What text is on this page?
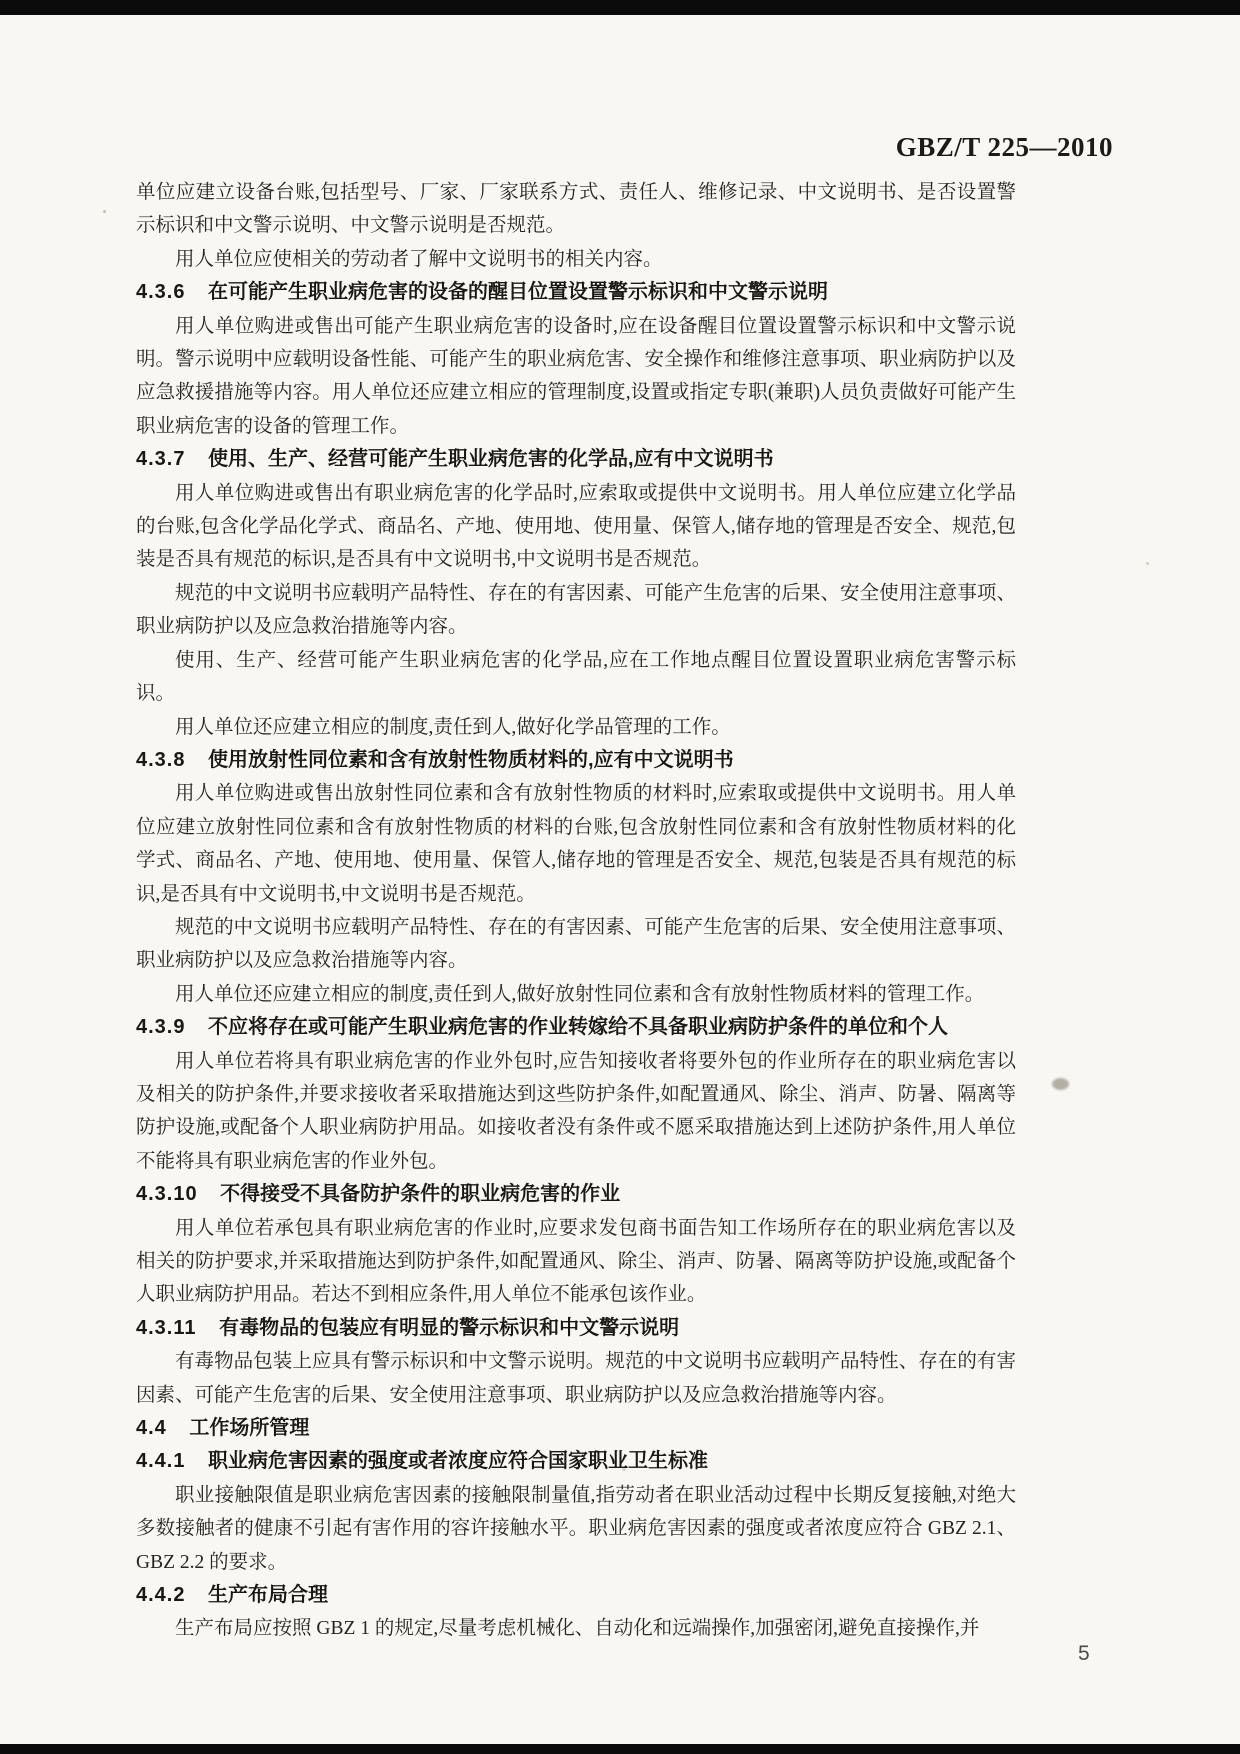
GBZ/T 225—2010

单位应建立设备台账,包括型号、厂家、厂家联系方式、责任人、维修记录、中文说明书、是否设置警示标识和中文警示说明、中文警示说明是否规范。

用人单位应使相关的劳动者了解中文说明书的相关内容。

4.3.6 在可能产生职业病危害的设备的醒目位置设置警示标识和中文警示说明

用人单位购进或售出可能产生职业病危害的设备时,应在设备醒目位置设置警示标识和中文警示说明。警示说明中应载明设备性能、可能产生的职业病危害、安全操作和维修注意事项、职业病防护以及应急救援措施等内容。用人单位还应建立相应的管理制度,设置或指定专职(兼职)人员负责做好可能产生职业病危害的设备的管理工作。

4.3.7 使用、生产、经营可能产生职业病危害的化学品,应有中文说明书

用人单位购进或售出有职业病危害的化学品时,应索取或提供中文说明书。用人单位应建立化学品的台账,包含化学品化学式、商品名、产地、使用地、使用量、保管人,储存地的管理是否安全、规范,包装是否具有规范的标识,是否具有中文说明书,中文说明书是否规范。

规范的中文说明书应载明产品特性、存在的有害因素、可能产生危害的后果、安全使用注意事项、职业病防护以及应急救治措施等内容。

使用、生产、经营可能产生职业病危害的化学品,应在工作地点醒目位置设置职业病危害警示标识。

用人单位还应建立相应的制度,责任到人,做好化学品管理的工作。

4.3.8 使用放射性同位素和含有放射性物质材料的,应有中文说明书

用人单位购进或售出放射性同位素和含有放射性物质的材料时,应索取或提供中文说明书。用人单位应建立放射性同位素和含有放射性物质的材料的台账,包含放射性同位素和含有放射性物质材料的化学式、商品名、产地、使用地、使用量、保管人,储存地的管理是否安全、规范,包装是否具有规范的标识,是否具有中文说明书,中文说明书是否规范。

规范的中文说明书应载明产品特性、存在的有害因素、可能产生危害的后果、安全使用注意事项、职业病防护以及应急救治措施等内容。

用人单位还应建立相应的制度,责任到人,做好放射性同位素和含有放射性物质材料的管理工作。

4.3.9 不应将存在或可能产生职业病危害的作业转嫁给不具备职业病防护条件的单位和个人

用人单位若将具有职业病危害的作业外包时,应告知接收者将要外包的作业所存在的职业病危害以及相关的防护条件,并要求接收者采取措施达到这些防护条件,如配置通风、除尘、消声、防暑、隔离等防护设施,或配备个人职业病防护用品。如接收者没有条件或不愿采取措施达到上述防护条件,用人单位不能将具有职业病危害的作业外包。

4.3.10 不得接受不具备防护条件的职业病危害的作业

用人单位若承包具有职业病危害的作业时,应要求发包商书面告知工作场所存在的职业病危害以及相关的防护要求,并采取措施达到防护条件,如配置通风、除尘、消声、防暑、隔离等防护设施,或配备个人职业病防护用品。若达不到相应条件,用人单位不能承包该作业。

4.3.11 有毒物品的包装应有明显的警示标识和中文警示说明

有毒物品包装上应具有警示标识和中文警示说明。规范的中文说明书应载明产品特性、存在的有害因素、可能产生危害的后果、安全使用注意事项、职业病防护以及应急救治措施等内容。

4.4 工作场所管理
4.4.1 职业病危害因素的强度或者浓度应符合国家职业卫生标准

职业接触限值是职业病危害因素的接触限制量值,指劳动者在职业活动过程中长期反复接触,对绝大多数接触者的健康不引起有害作用的容许接触水平。职业病危害因素的强度或者浓度应符合 GBZ 2.1、GBZ 2.2 的要求。

4.4.2 生产布局合理

生产布局应按照 GBZ 1 的规定,尽量考虑机械化、自动化和远端操作,加强密闭,避免直接操作,并

5
